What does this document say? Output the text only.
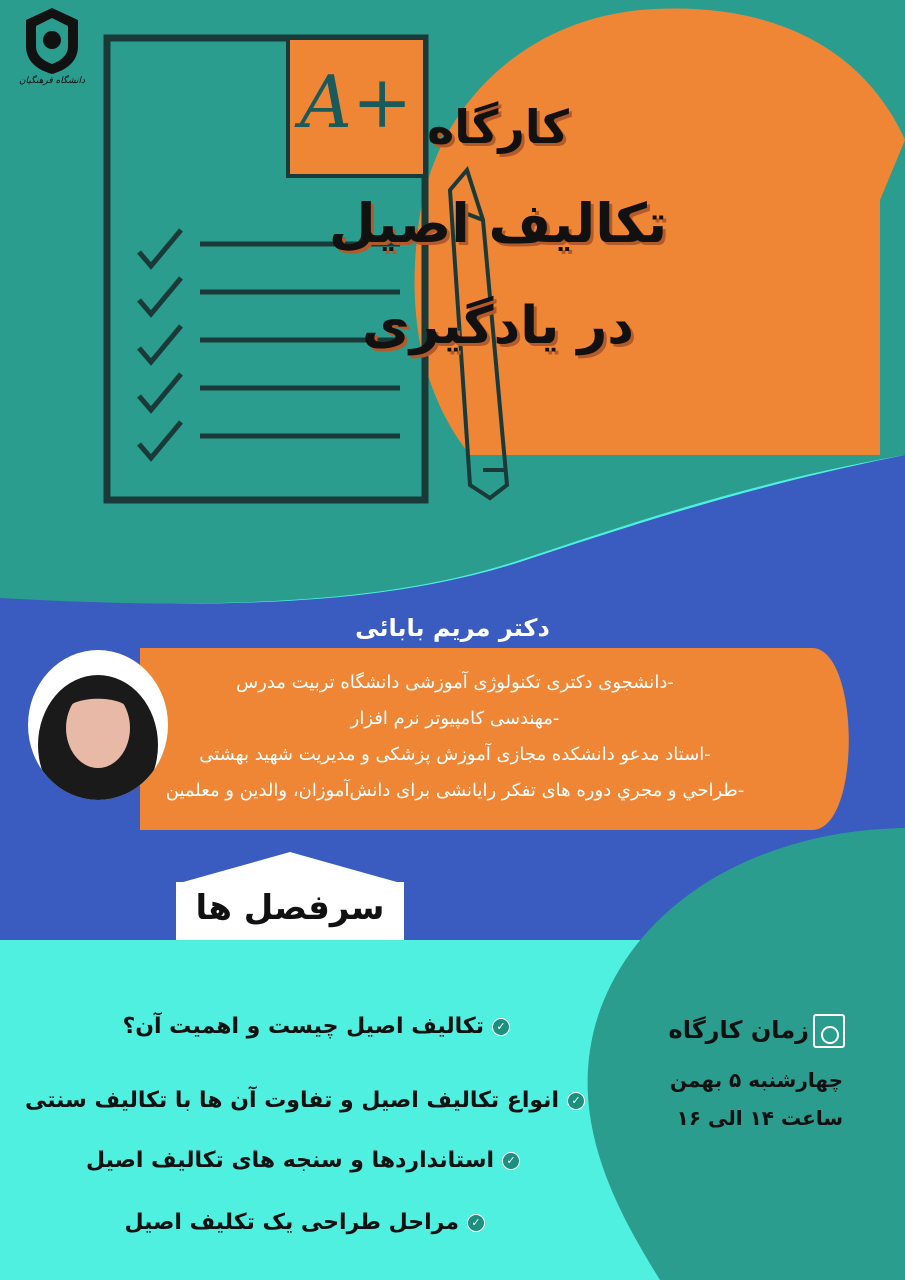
دانشگاه فرهنگیان	A+ کارگاه
تکالیف اصیل
در یادگیری
دکتر مریم بابائی
-دانشجوی دکتری تکنولوژی آموزشی دانشگاه تربیت مدرس
-مهندسی کامپیوتر نرم افزار
-استاد مدعو دانشکده مجازی آموزش پزشکی و مدیریت شهید بهشتی
-طراحي و مجري دوره های تفکر رایانشی برای دانش‌آموزان، والدین و معلمین
سرفصل ها
✓تکالیف اصیل چیست و اهمیت آن؟
✓انواع تکالیف اصیل و تفاوت آن ها با تکالیف سنتی
✓استانداردها و سنجه های تکالیف اصیل
✓مراحل طراحی یک تکلیف اصیل
زمان کارگاه
چهارشنبه ۵ بهمن
ساعت ۱۴ الی ۱۶
